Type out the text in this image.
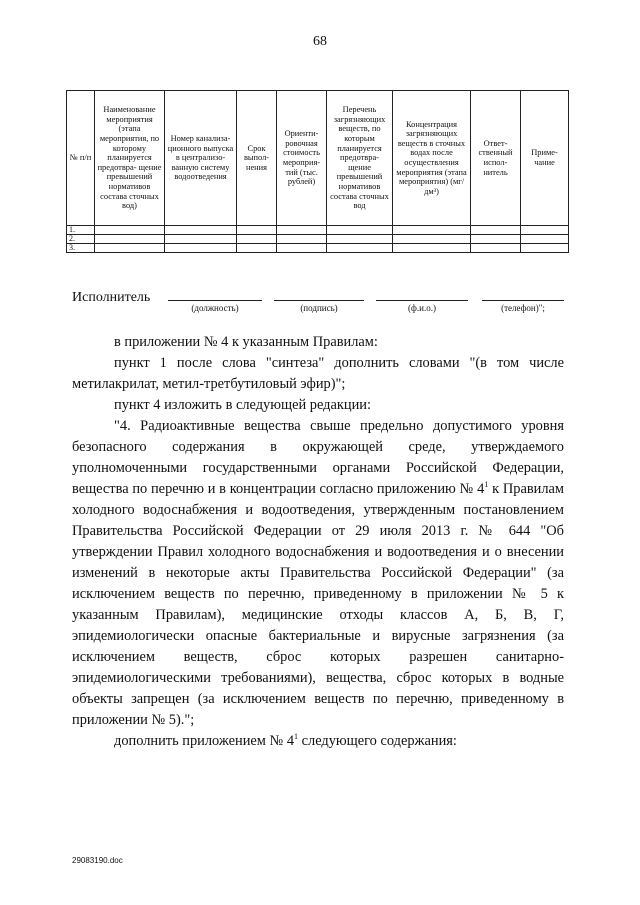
68
№ п/п	Наименование мероприятия (этапа мероприятия, по которому планируется предотвра- щение превышений нормативов состава сточных вод)	Номер канализа- ционного выпуска в централизо- ванную систему водоотведения	Срок выпол- нения	Ориенти- ровочная стоимость мероприя- тий (тыс. рублей)	Перечень загрязняющих веществ, по которым планируется предотвра- щение превышений нормативов состава сточных вод	Концентрация загрязняющих веществ в сточных водах после осуществления мероприятия (этапа мероприятия) (мг/дм³)	Ответ- ственный испол- нитель	Приме- чание
1.								
2.								
3.								
Исполнитель
(должность)	(подпись)	(ф.и.о.)	(телефон)";

в приложении № 4 к указанным Правилам:

пункт 1 после слова "синтеза" дополнить словами "(в том числе метилакрилат, метил-третбутиловый эфир)";

пункт 4 изложить в следующей редакции:

"4. Радиоактивные вещества свыше предельно допустимого уровня безопасного содержания в окружающей среде, утверждаемого уполномоченными государственными органами Российской Федерации, вещества по перечню и в концентрации согласно приложению № $4^1$ к Правилам холодного водоснабжения и водоотведения, утвержденным постановлением Правительства Российской Федерации от 29 июля 2013 г. № 644 "Об утверждении Правил холодного водоснабжения и водоотведения и о внесении изменений в некоторые акты Правительства Российской Федерации" (за исключением веществ по перечню, приведенному в приложении № 5 к указанным Правилам), медицинские отходы классов А, Б, В, Г, эпидемиологически опасные бактериальные и вирусные загрязнения (за исключением веществ, сброс которых разрешен санитарно-эпидемиологическими требованиями), вещества, сброс которых в водные объекты запрещен (за исключением веществ по перечню, приведенному в приложении № 5).";

дополнить приложением № $4^1$ следующего содержания:

29083190.doc
